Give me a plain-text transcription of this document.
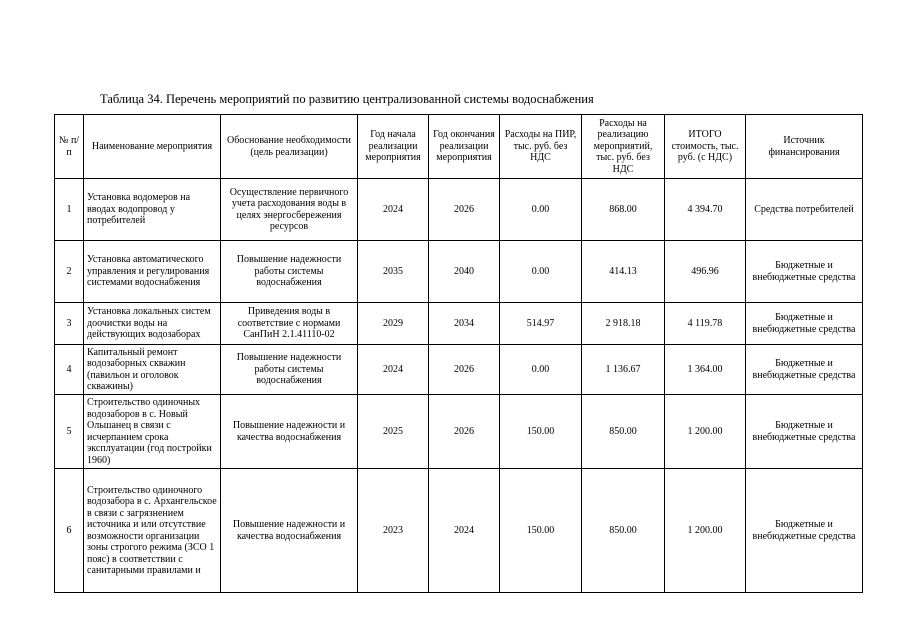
Таблица 34. Перечень мероприятий по развитию централизованной системы водоснабжения
№ п/п	Наименование мероприятия	Обоснование необходимости (цель реализации)	Год начала реализации мероприятия	Год окончания реализации мероприятия	Расходы на ПИР, тыс. руб. без НДС	Расходы на реализацию мероприятий, тыс. руб. без НДС	ИТОГО стоимость, тыс. руб. (с НДС)	Источник финансирования
1	Установка водомеров на вводах водопровод у потребителей	Осуществление первичного учета расходования воды в целях энергосбережения ресурсов	2024	2026	0.00	868.00	4 394.70	Средства потребителей
2	Установка автоматического управления и регулирования системами водоснабжения	Повышение надежности работы системы водоснабжения	2035	2040	0.00	414.13	496.96	Бюджетные и внебюджетные средства
3	Установка локальных систем доочистки воды на действующих водозаборах	Приведения воды в соответствие с нормами СанПиН 2.1.41110-02	2029	2034	514.97	2 918.18	4 119.78	Бюджетные и внебюджетные средства
4	Капитальный ремонт водозаборных скважин (павильон и оголовок скважины)	Повышение надежности работы системы водоснабжения	2024	2026	0.00	1 136.67	1 364.00	Бюджетные и внебюджетные средства
5	Строительство одиночных водозаборов в с. Новый Ольшанец в связи с исчерпанием срока эксплуатации (год постройки 1960)	Повышение надежности и качества водоснабжения	2025	2026	150.00	850.00	1 200.00	Бюджетные и внебюджетные средства
6	Строительство одиночного водозабора в с. Архангельское в связи с загрязнением источника и или отсутствие возможности организации зоны строгого режима (ЗСО 1 пояс) в соответствии с санитарными правилами и	Повышение надежности и качества водоснабжения	2023	2024	150.00	850.00	1 200.00	Бюджетные и внебюджетные средства
